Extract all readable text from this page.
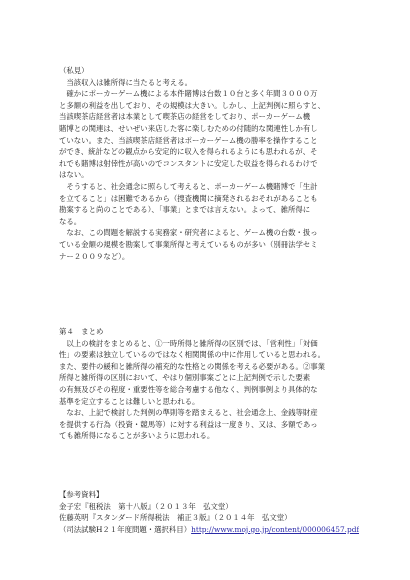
（私見）
　当該収入は雑所得に当たると考える。
　確かにポーカーゲーム機による本件賭博は台数１０台と多く年間３０００万
と多額の利益を出しており、その規模は大きい。しかし、上記判例に照らすと、
当該喫茶店経営者は本業として喫茶店の経営をしており、ポーカーゲーム機
賭博との関連は、せいぜい来店した客に楽しむための付随的な関連性しか有し
ていない。また、当該喫茶店経営者はポーカーゲーム機の勝率を操作すること
ができ、統計などの観点から安定的に収入を得られるようにも思われるが、そ
れでも賭博は射倖性が高いのでコンスタントに安定した収益を得られるわけで
はない。
　そうすると、社会通念に照らして考えると、ポーカーゲーム機賭博で「生計
を立てること」は困難であるから（捜査機関に摘発されるおそれがあることも
勘案すると尚のことである）、「事業」とまでは言えない。よって、雑所得に
なる。
　なお、この問題を解説する実務家・研究者によると、ゲーム機の台数・扱っ
ている金額の規模を勘案して事業所得と考えているものが多い（別冊法学セミ
ナー２００９など）。
第４　まとめ
　以上の検討をまとめると、①一時所得と雑所得の区別では、「営利性」「対価
性」の要素は独立しているのではなく相関関係の中に作用していると思われる。
また、要件の緩和と雑所得の補充的な性格との関係を考える必要がある。②事業
所得と雑所得の区別において、やはり個別事案ごとに上記判例で示した要素
の有無及びその程度・重要性等を総合考慮する他なく、判例事例より具体的な
基準を定立することは難しいと思われる。
　なお、上記で検討した判例の準則等を踏まえると、社会通念上、金銭等財産
を提供する行為（投資・競馬等）に対する利益は一度きり、又は、多額であっ
ても雑所得になることが多いように思われる。
【参考資料】
金子宏『租税法　第十八版』（２０１３年　弘文堂）
佐藤英明『スタンダード所得税法　補正３版』（２０１４年　弘文堂）
（司法試験H２１年度問題・選択科目）http://www.moj.go.jp/content/000006457.pdf
